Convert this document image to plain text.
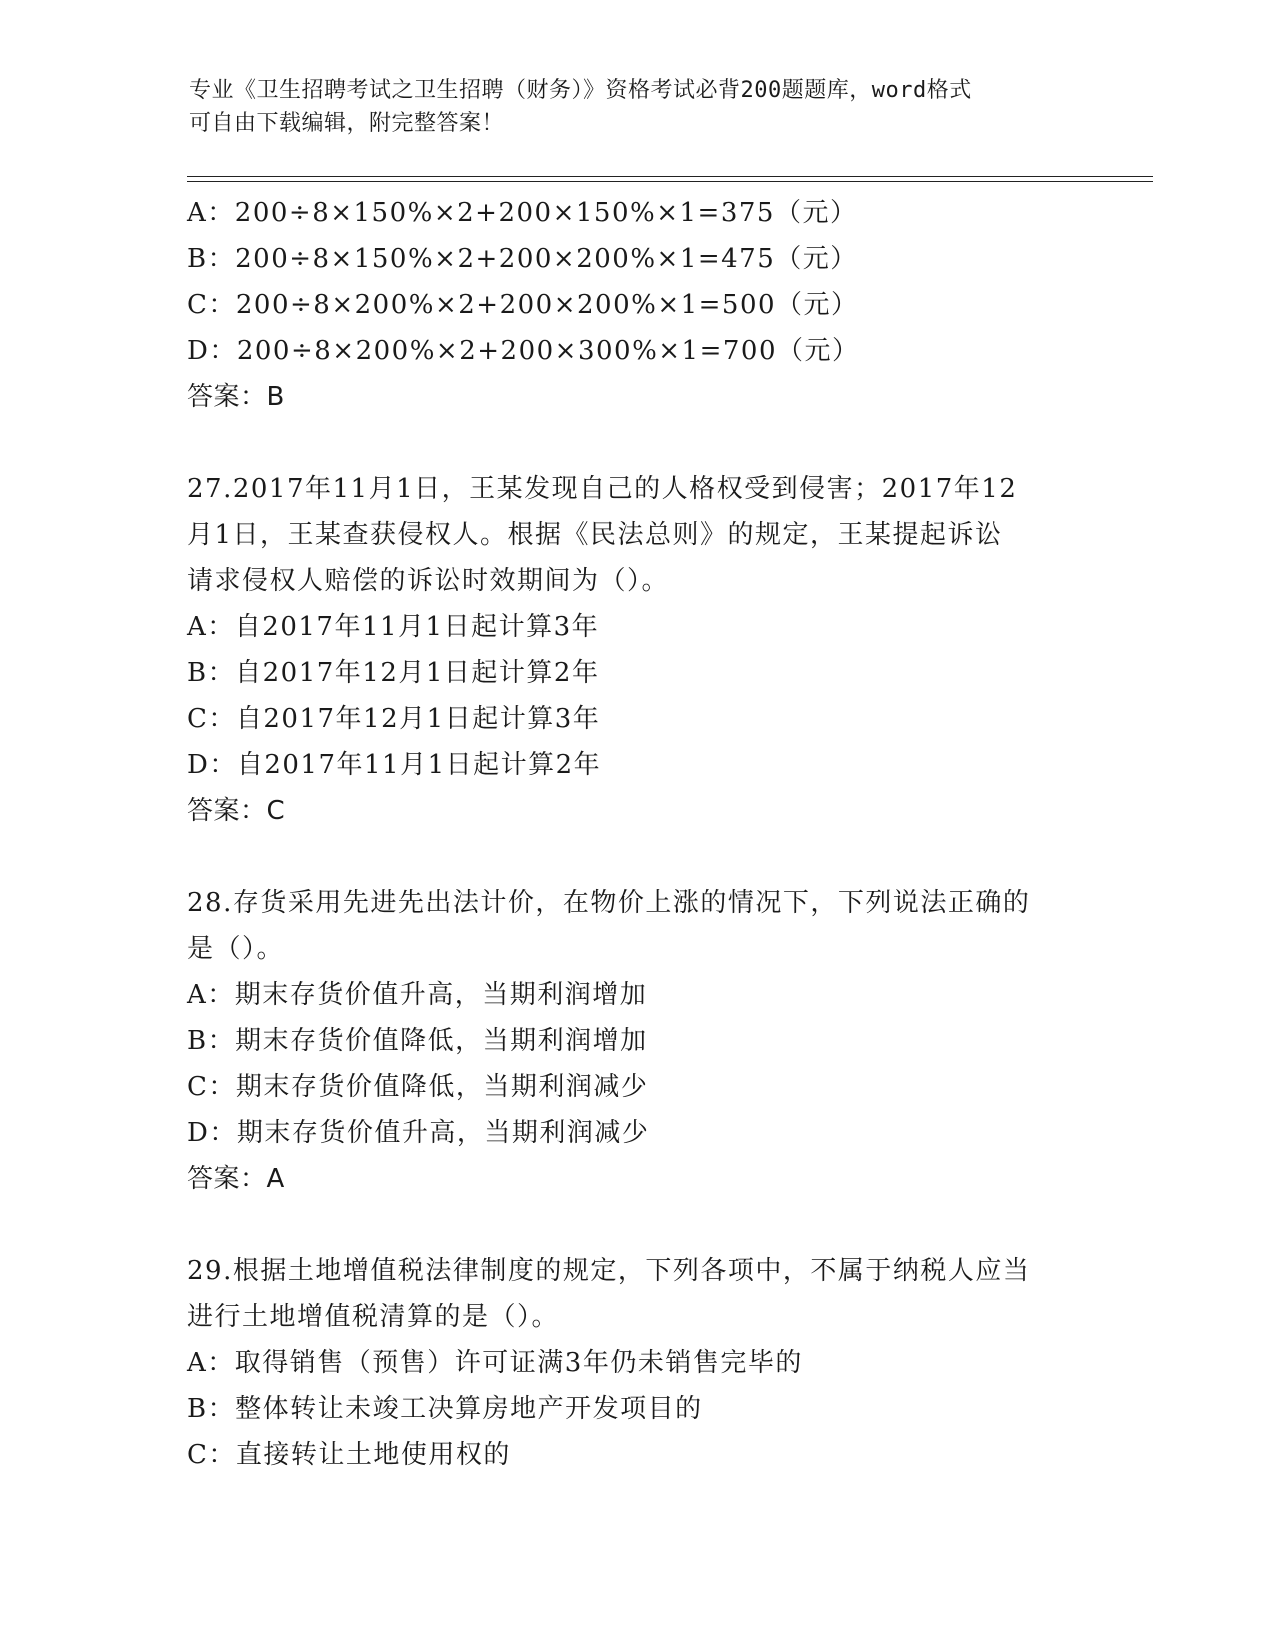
专业《卫生招聘考试之卫生招聘（财务）》资格考试必背200题题库，word格式
可自由下载编辑，附完整答案！
A：200÷8×150%×2+200×150%×1=375（元）
B：200÷8×150%×2+200×200%×1=475（元）
C：200÷8×200%×2+200×200%×1=500（元）
D：200÷8×200%×2+200×300%×1=700（元）
答案：B
27.2017年11月1日，王某发现自己的人格权受到侵害；2017年12
月1日，王某查获侵权人。根据《民法总则》的规定，王某提起诉讼
请求侵权人赔偿的诉讼时效期间为（）。
A：自2017年11月1日起计算3年
B：自2017年12月1日起计算2年
C：自2017年12月1日起计算3年
D：自2017年11月1日起计算2年
答案：C
28.存货采用先进先出法计价，在物价上涨的情况下，下列说法正确的
是（）。
A：期末存货价值升高，当期利润增加
B：期末存货价值降低，当期利润增加
C：期末存货价值降低，当期利润减少
D：期末存货价值升高，当期利润减少
答案：A
29.根据土地增值税法律制度的规定，下列各项中，不属于纳税人应当
进行土地增值税清算的是（）。
A：取得销售（预售）许可证满3年仍未销售完毕的
B：整体转让未竣工决算房地产开发项目的
C：直接转让土地使用权的
